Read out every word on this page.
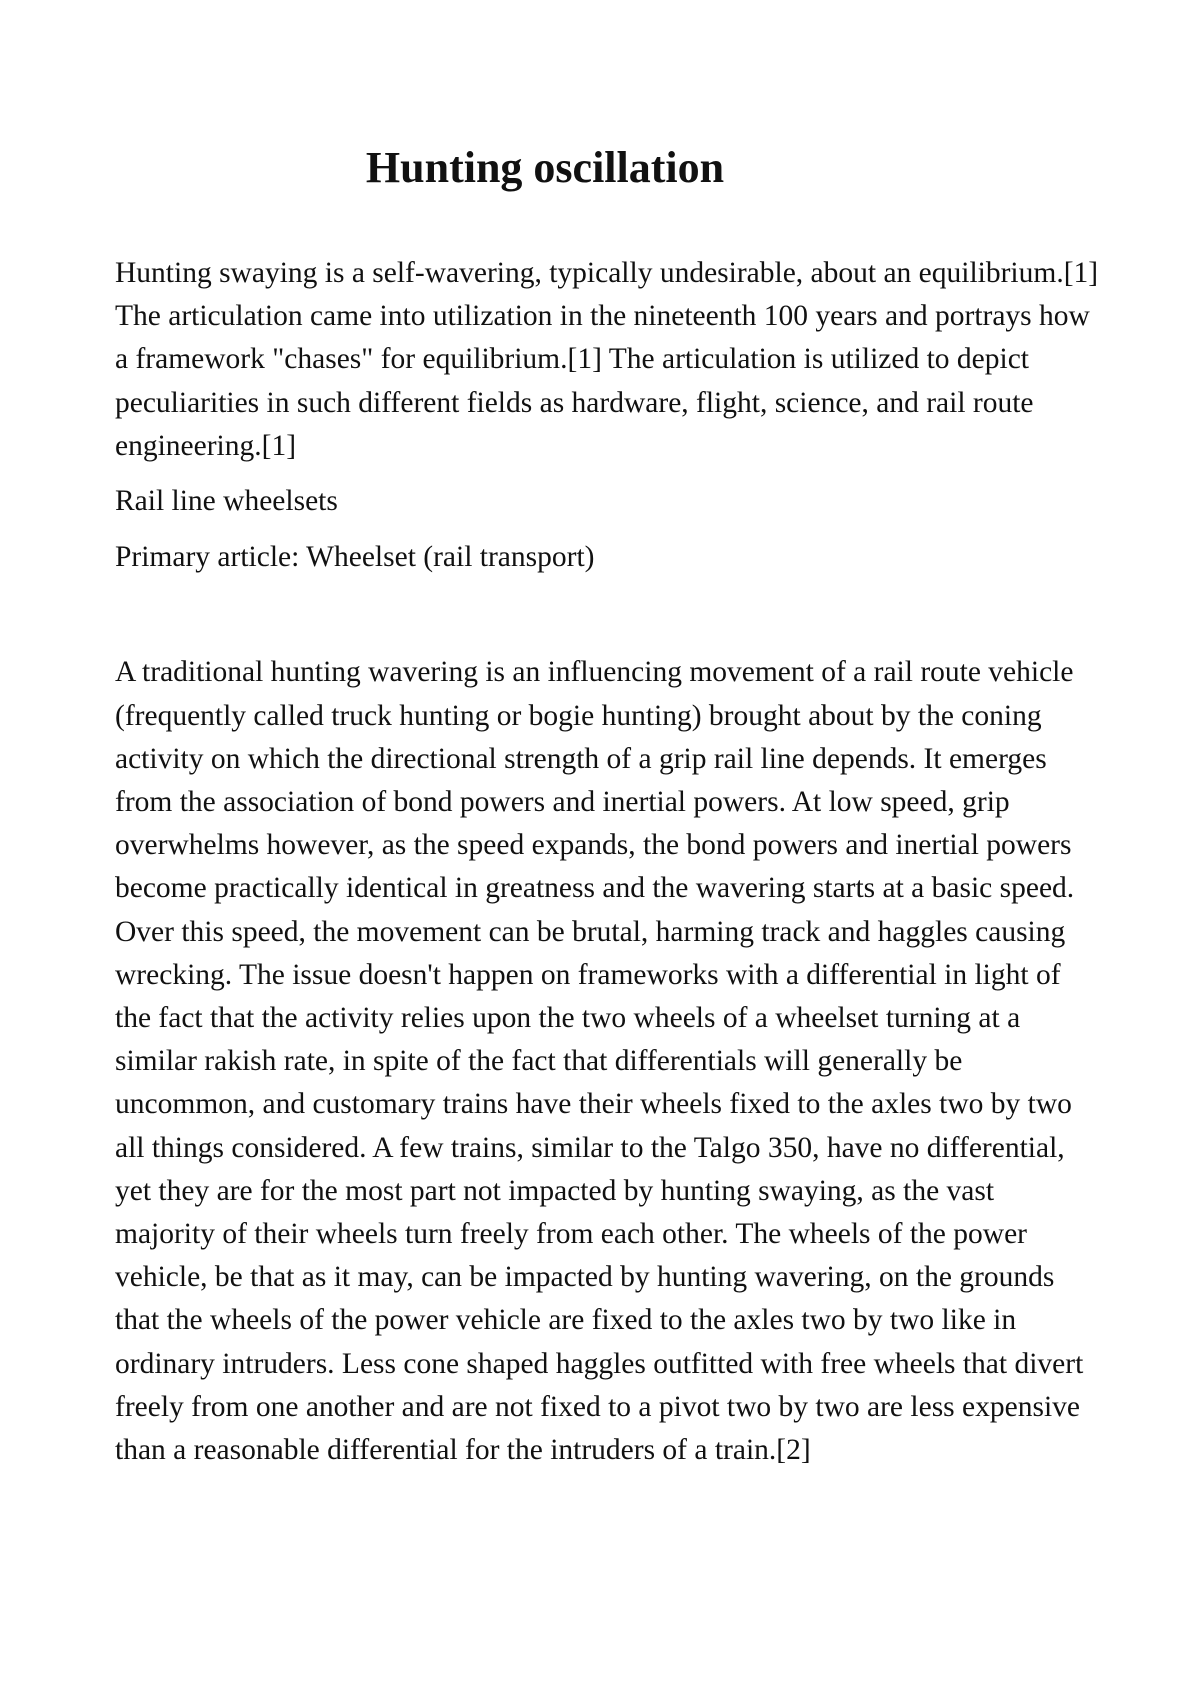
Hunting oscillation

Hunting swaying is a self-wavering, typically undesirable, about an equilibrium.[1] The articulation came into utilization in the nineteenth 100 years and portrays how a framework "chases" for equilibrium.[1] The articulation is utilized to depict peculiarities in such different fields as hardware, flight, science, and rail route engineering.[1]

Rail line wheelsets

Primary article: Wheelset (rail transport)

A traditional hunting wavering is an influencing movement of a rail route vehicle (frequently called truck hunting or bogie hunting) brought about by the coning activity on which the directional strength of a grip rail line depends. It emerges from the association of bond powers and inertial powers. At low speed, grip overwhelms however, as the speed expands, the bond powers and inertial powers become practically identical in greatness and the wavering starts at a basic speed. Over this speed, the movement can be brutal, harming track and haggles causing wrecking. The issue doesn't happen on frameworks with a differential in light of the fact that the activity relies upon the two wheels of a wheelset turning at a similar rakish rate, in spite of the fact that differentials will generally be uncommon, and customary trains have their wheels fixed to the axles two by two all things considered. A few trains, similar to the Talgo 350, have no differential, yet they are for the most part not impacted by hunting swaying, as the vast majority of their wheels turn freely from each other. The wheels of the power vehicle, be that as it may, can be impacted by hunting wavering, on the grounds that the wheels of the power vehicle are fixed to the axles two by two like in ordinary intruders. Less cone shaped haggles outfitted with free wheels that divert freely from one another and are not fixed to a pivot two by two are less expensive than a reasonable differential for the intruders of a train.[2]
